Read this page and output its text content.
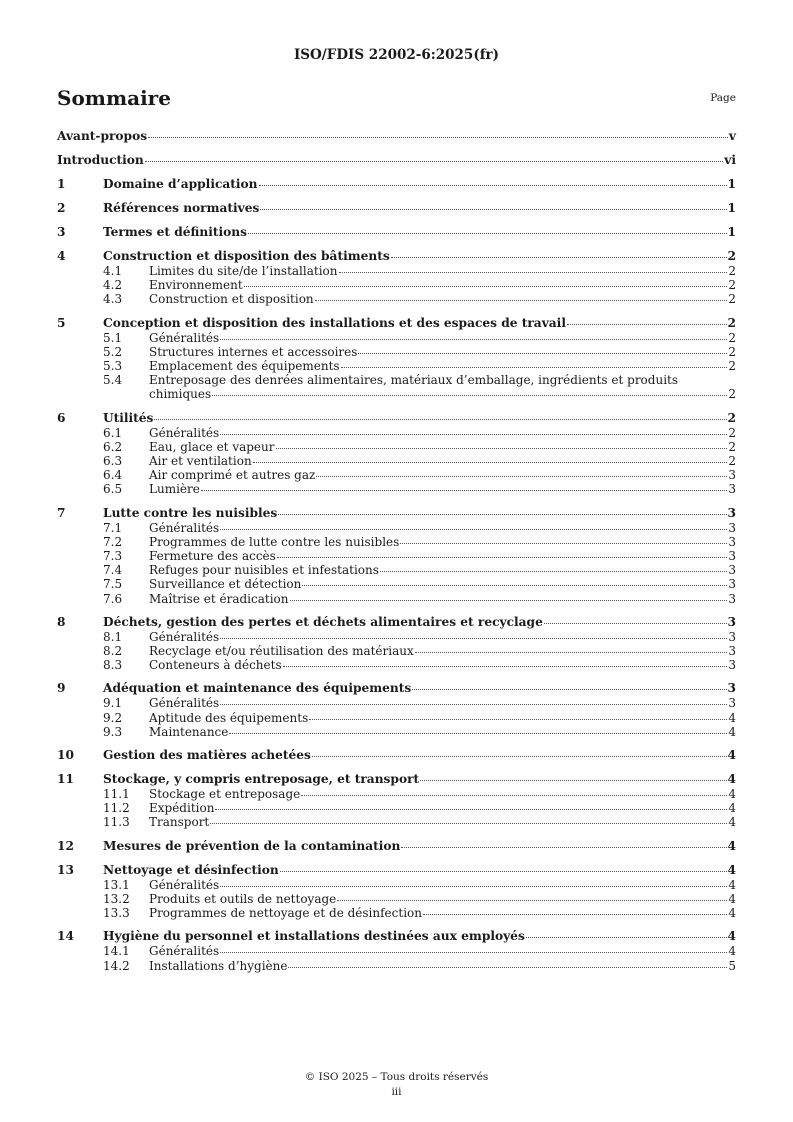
ISO/FDIS 22002-6:2025(fr)
Sommaire	Page
Avant-propos	v
Introduction	vi
1	Domaine d’application	1
2	Références normatives	1
3	Termes et définitions	1
4	Construction et disposition des bâtiments	2
4.1	Limites du site/de l’installation	2
4.2	Environnement	2
4.3	Construction et disposition	2
5	Conception et disposition des installations et des espaces de travail	2
5.1	Généralités	2
5.2	Structures internes et accessoires	2
5.3	Emplacement des équipements	2
5.4	Entreposage des denrées alimentaires, matériaux d’emballage, ingrédients et produits
chimiques	2
6	Utilités	2
6.1	Généralités	2
6.2	Eau, glace et vapeur	2
6.3	Air et ventilation	2
6.4	Air comprimé et autres gaz	3
6.5	Lumière	3
7	Lutte contre les nuisibles	3
7.1	Généralités	3
7.2	Programmes de lutte contre les nuisibles	3
7.3	Fermeture des accès	3
7.4	Refuges pour nuisibles et infestations	3
7.5	Surveillance et détection	3
7.6	Maîtrise et éradication	3
8	Déchets, gestion des pertes et déchets alimentaires et recyclage	3
8.1	Généralités	3
8.2	Recyclage et/ou réutilisation des matériaux	3
8.3	Conteneurs à déchets	3
9	Adéquation et maintenance des équipements	3
9.1	Généralités	3
9.2	Aptitude des équipements	4
9.3	Maintenance	4
10	Gestion des matières achetées	4
11	Stockage, y compris entreposage, et transport	4
11.1	Stockage et entreposage	4
11.2	Expédition	4
11.3	Transport	4
12	Mesures de prévention de la contamination	4
13	Nettoyage et désinfection	4
13.1	Généralités	4
13.2	Produits et outils de nettoyage	4
13.3	Programmes de nettoyage et de désinfection	4
14	Hygiène du personnel et installations destinées aux employés	4
14.1	Généralités	4
14.2	Installations d’hygiène	5
© ISO 2025 – Tous droits réservés
iii
